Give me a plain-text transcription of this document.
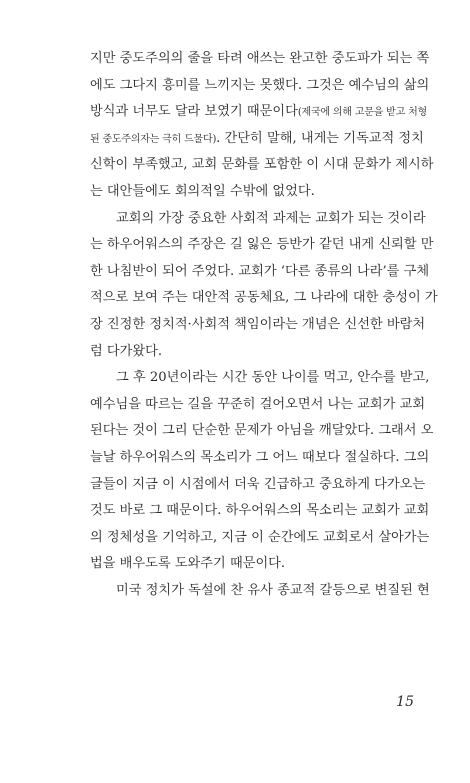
지만 중도주의의 줄을 타려 애쓰는 완고한 중도파가 되는 쪽
에도 그다지 흥미를 느끼지는 못했다. 그것은 예수님의 삶의
방식과 너무도 달라 보였기 때문이다(제국에 의해 고문을 받고 처형
된 중도주의자는 극히 드물다). 간단히 말해, 내게는 기독교적 정치
신학이 부족했고, 교회 문화를 포함한 이 시대 문화가 제시하
는 대안들에도 회의적일 수밖에 없었다.
교회의 가장 중요한 사회적 과제는 교회가 되는 것이라
는 하우어워스의 주장은 길 잃은 등반가 같던 내게 신뢰할 만
한 나침반이 되어 주었다. 교회가 ‘다른 종류의 나라’를 구체
적으로 보여 주는 대안적 공동체요, 그 나라에 대한 충성이 가
장 진정한 정치적·사회적 책임이라는 개념은 신선한 바람처
럼 다가왔다.
그 후 20년이라는 시간 동안 나이를 먹고, 안수를 받고,
예수님을 따르는 길을 꾸준히 걸어오면서 나는 교회가 교회
된다는 것이 그리 단순한 문제가 아님을 깨달았다. 그래서 오
늘날 하우어워스의 목소리가 그 어느 때보다 절실하다. 그의
글들이 지금 이 시점에서 더욱 긴급하고 중요하게 다가오는
것도 바로 그 때문이다. 하우어워스의 목소리는 교회가 교회
의 정체성을 기억하고, 지금 이 순간에도 교회로서 살아가는
법을 배우도록 도와주기 때문이다.
미국 정치가 독설에 찬 유사 종교적 갈등으로 변질된 현
15
